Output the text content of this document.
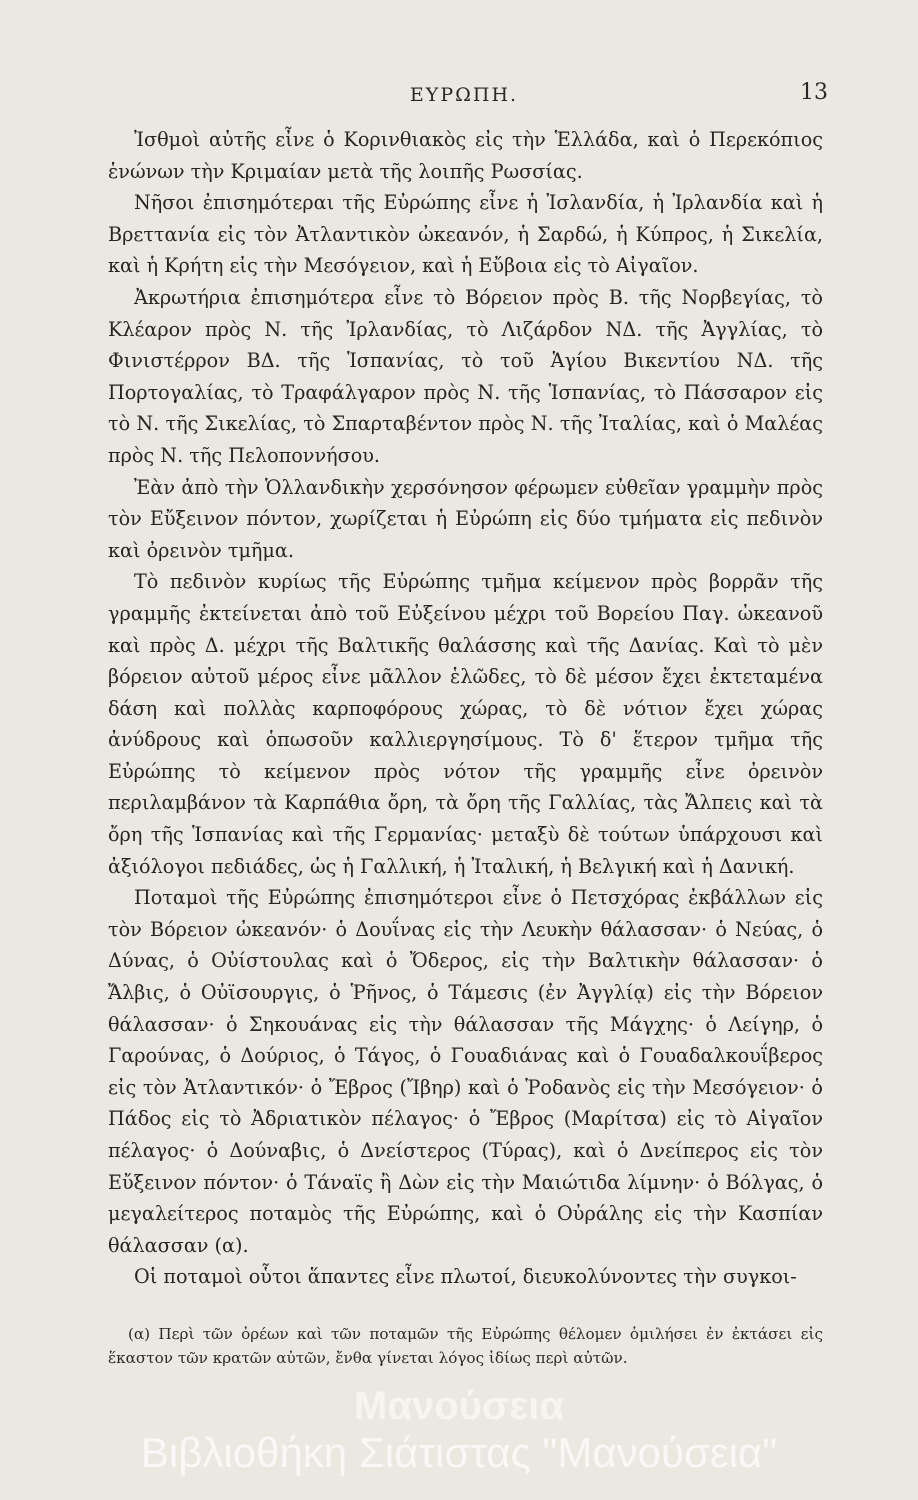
ΕΥΡΩΠΗ.	13

Ἰσθμοὶ αὐτῆς εἶνε ὁ Κορινθιακὸς εἰς τὴν Ἑλλάδα, καὶ ὁ Περεκόπιος ἑνώνων τὴν Κριμαίαν μετὰ τῆς λοιπῆς Ρωσσίας.

Νῆσοι ἐπισημότεραι τῆς Εὐρώπης εἶνε ἡ Ἰσλανδία, ἡ Ἰρλανδία καὶ ἡ Βρεττανία εἰς τὸν Ἀτλαντικὸν ὠκεανόν, ἡ Σαρδώ, ἡ Κύπρος, ἡ Σικελία, καὶ ἡ Κρήτη εἰς τὴν Μεσόγειον, καὶ ἡ Εὔβοια εἰς τὸ Αἰγαῖον.

Ἀκρωτήρια ἐπισημότερα εἶνε τὸ Βόρειον πρὸς Β. τῆς Νορβεγίας, τὸ Κλέαρον πρὸς Ν. τῆς Ἰρλανδίας, τὸ Λιζάρδον ΝΔ. τῆς Ἀγγλίας, τὸ Φινιστέρρον ΒΔ. τῆς Ἱσπανίας, τὸ τοῦ Ἁγίου Βικεντίου ΝΔ. τῆς Πορτογαλίας, τὸ Τραφάλγαρον πρὸς Ν. τῆς Ἱσπανίας, τὸ Πάσσαρον εἰς τὸ Ν. τῆς Σικελίας, τὸ Σπαρταβέντον πρὸς Ν. τῆς Ἰταλίας, καὶ ὁ Μαλέας πρὸς Ν. τῆς Πελοποννήσου.

Ἐὰν ἀπὸ τὴν Ὁλλανδικὴν χερσόνησον φέρωμεν εὐθεῖαν γραμμὴν πρὸς τὸν Εὔξεινον πόντον, χωρίζεται ἡ Εὐρώπη εἰς δύο τμήματα εἰς πεδινὸν καὶ ὀρεινὸν τμῆμα.

Τὸ πεδινὸν κυρίως τῆς Εὐρώπης τμῆμα κείμενον πρὸς βορρᾶν τῆς γραμμῆς ἐκτείνεται ἀπὸ τοῦ Εὐξείνου μέχρι τοῦ Βορείου Παγ. ὠκεανοῦ καὶ πρὸς Δ. μέχρι τῆς Βαλτικῆς θαλάσσης καὶ τῆς Δανίας. Καὶ τὸ μὲν βόρειον αὐτοῦ μέρος εἶνε μᾶλλον ἑλῶδες, τὸ δὲ μέσον ἔχει ἐκτεταμένα δάση καὶ πολλὰς καρποφόρους χώρας, τὸ δὲ νότιον ἔχει χώρας ἀνύδρους καὶ ὁπωσοῦν καλλιεργησίμους. Τὸ δ' ἕτερον τμῆμα τῆς Εὐρώπης τὸ κείμενον πρὸς νότον τῆς γραμμῆς εἶνε ὀρεινὸν περιλαμβάνον τὰ Καρπάθια ὄρη, τὰ ὄρη τῆς Γαλλίας, τὰς Ἄλπεις καὶ τὰ ὄρη τῆς Ἱσπανίας καὶ τῆς Γερμανίας· μεταξὺ δὲ τούτων ὑπάρχουσι καὶ ἀξιόλογοι πεδιάδες, ὡς ἡ Γαλλική, ἡ Ἰταλική, ἡ Βελγική καὶ ἡ Δανική.

Ποταμοὶ τῆς Εὐρώπης ἐπισημότεροι εἶνε ὁ Πετσχόρας ἐκβάλλων εἰς τὸν Βόρειον ὠκεανόν· ὁ Δουΐνας εἰς τὴν Λευκὴν θάλασσαν· ὁ Νεύας, ὁ Δύνας, ὁ Οὐίστουλας καὶ ὁ Ὄδερος, εἰς τὴν Βαλτικὴν θάλασσαν· ὁ Ἄλβις, ὁ Οὐϊσουργις, ὁ Ῥῆνος, ὁ Τάμεσις (ἐν Ἀγγλίᾳ) εἰς τὴν Βόρειον θάλασσαν· ὁ Σηκουάνας εἰς τὴν θάλασσαν τῆς Μάγχης· ὁ Λείγηρ, ὁ Γαρούνας, ὁ Δούριος, ὁ Τάγος, ὁ Γουαδιάνας καὶ ὁ Γουαδαλκουΐβερος εἰς τὸν Ἀτλαντικόν· ὁ Ἔβρος (Ἴβηρ) καὶ ὁ Ῥοδανὸς εἰς τὴν Μεσόγειον· ὁ Πάδος εἰς τὸ Ἀδριατικὸν πέλαγος· ὁ Ἔβρος (Μαρίτσα) εἰς τὸ Αἰγαῖον πέλαγος· ὁ Δούναβις, ὁ Δνείστερος (Τύρας), καὶ ὁ Δνείπερος εἰς τὸν Εὔξεινον πόντον· ὁ Τάναϊς ἢ Δὼν εἰς τὴν Μαιώτιδα λίμνην· ὁ Βόλγας, ὁ μεγαλείτερος ποταμὸς τῆς Εὐρώπης, καὶ ὁ Οὐράλης εἰς τὴν Κασπίαν θάλασσαν (α).

Οἱ ποταμοὶ οὗτοι ἅπαντες εἶνε πλωτοί, διευκολύνοντες τὴν συγκοι-

(α) Περὶ τῶν ὀρέων καὶ τῶν ποταμῶν τῆς Εὐρώπης θέλομεν ὁμιλήσει ἐν ἐκτάσει εἰς ἕκαστον τῶν κρατῶν αὐτῶν, ἔνθα γίνεται λόγος ἰδίως περὶ αὐτῶν.
Μανούσεια
Βιβλιοθήκη Σιάτιστας "Μανούσεια"
